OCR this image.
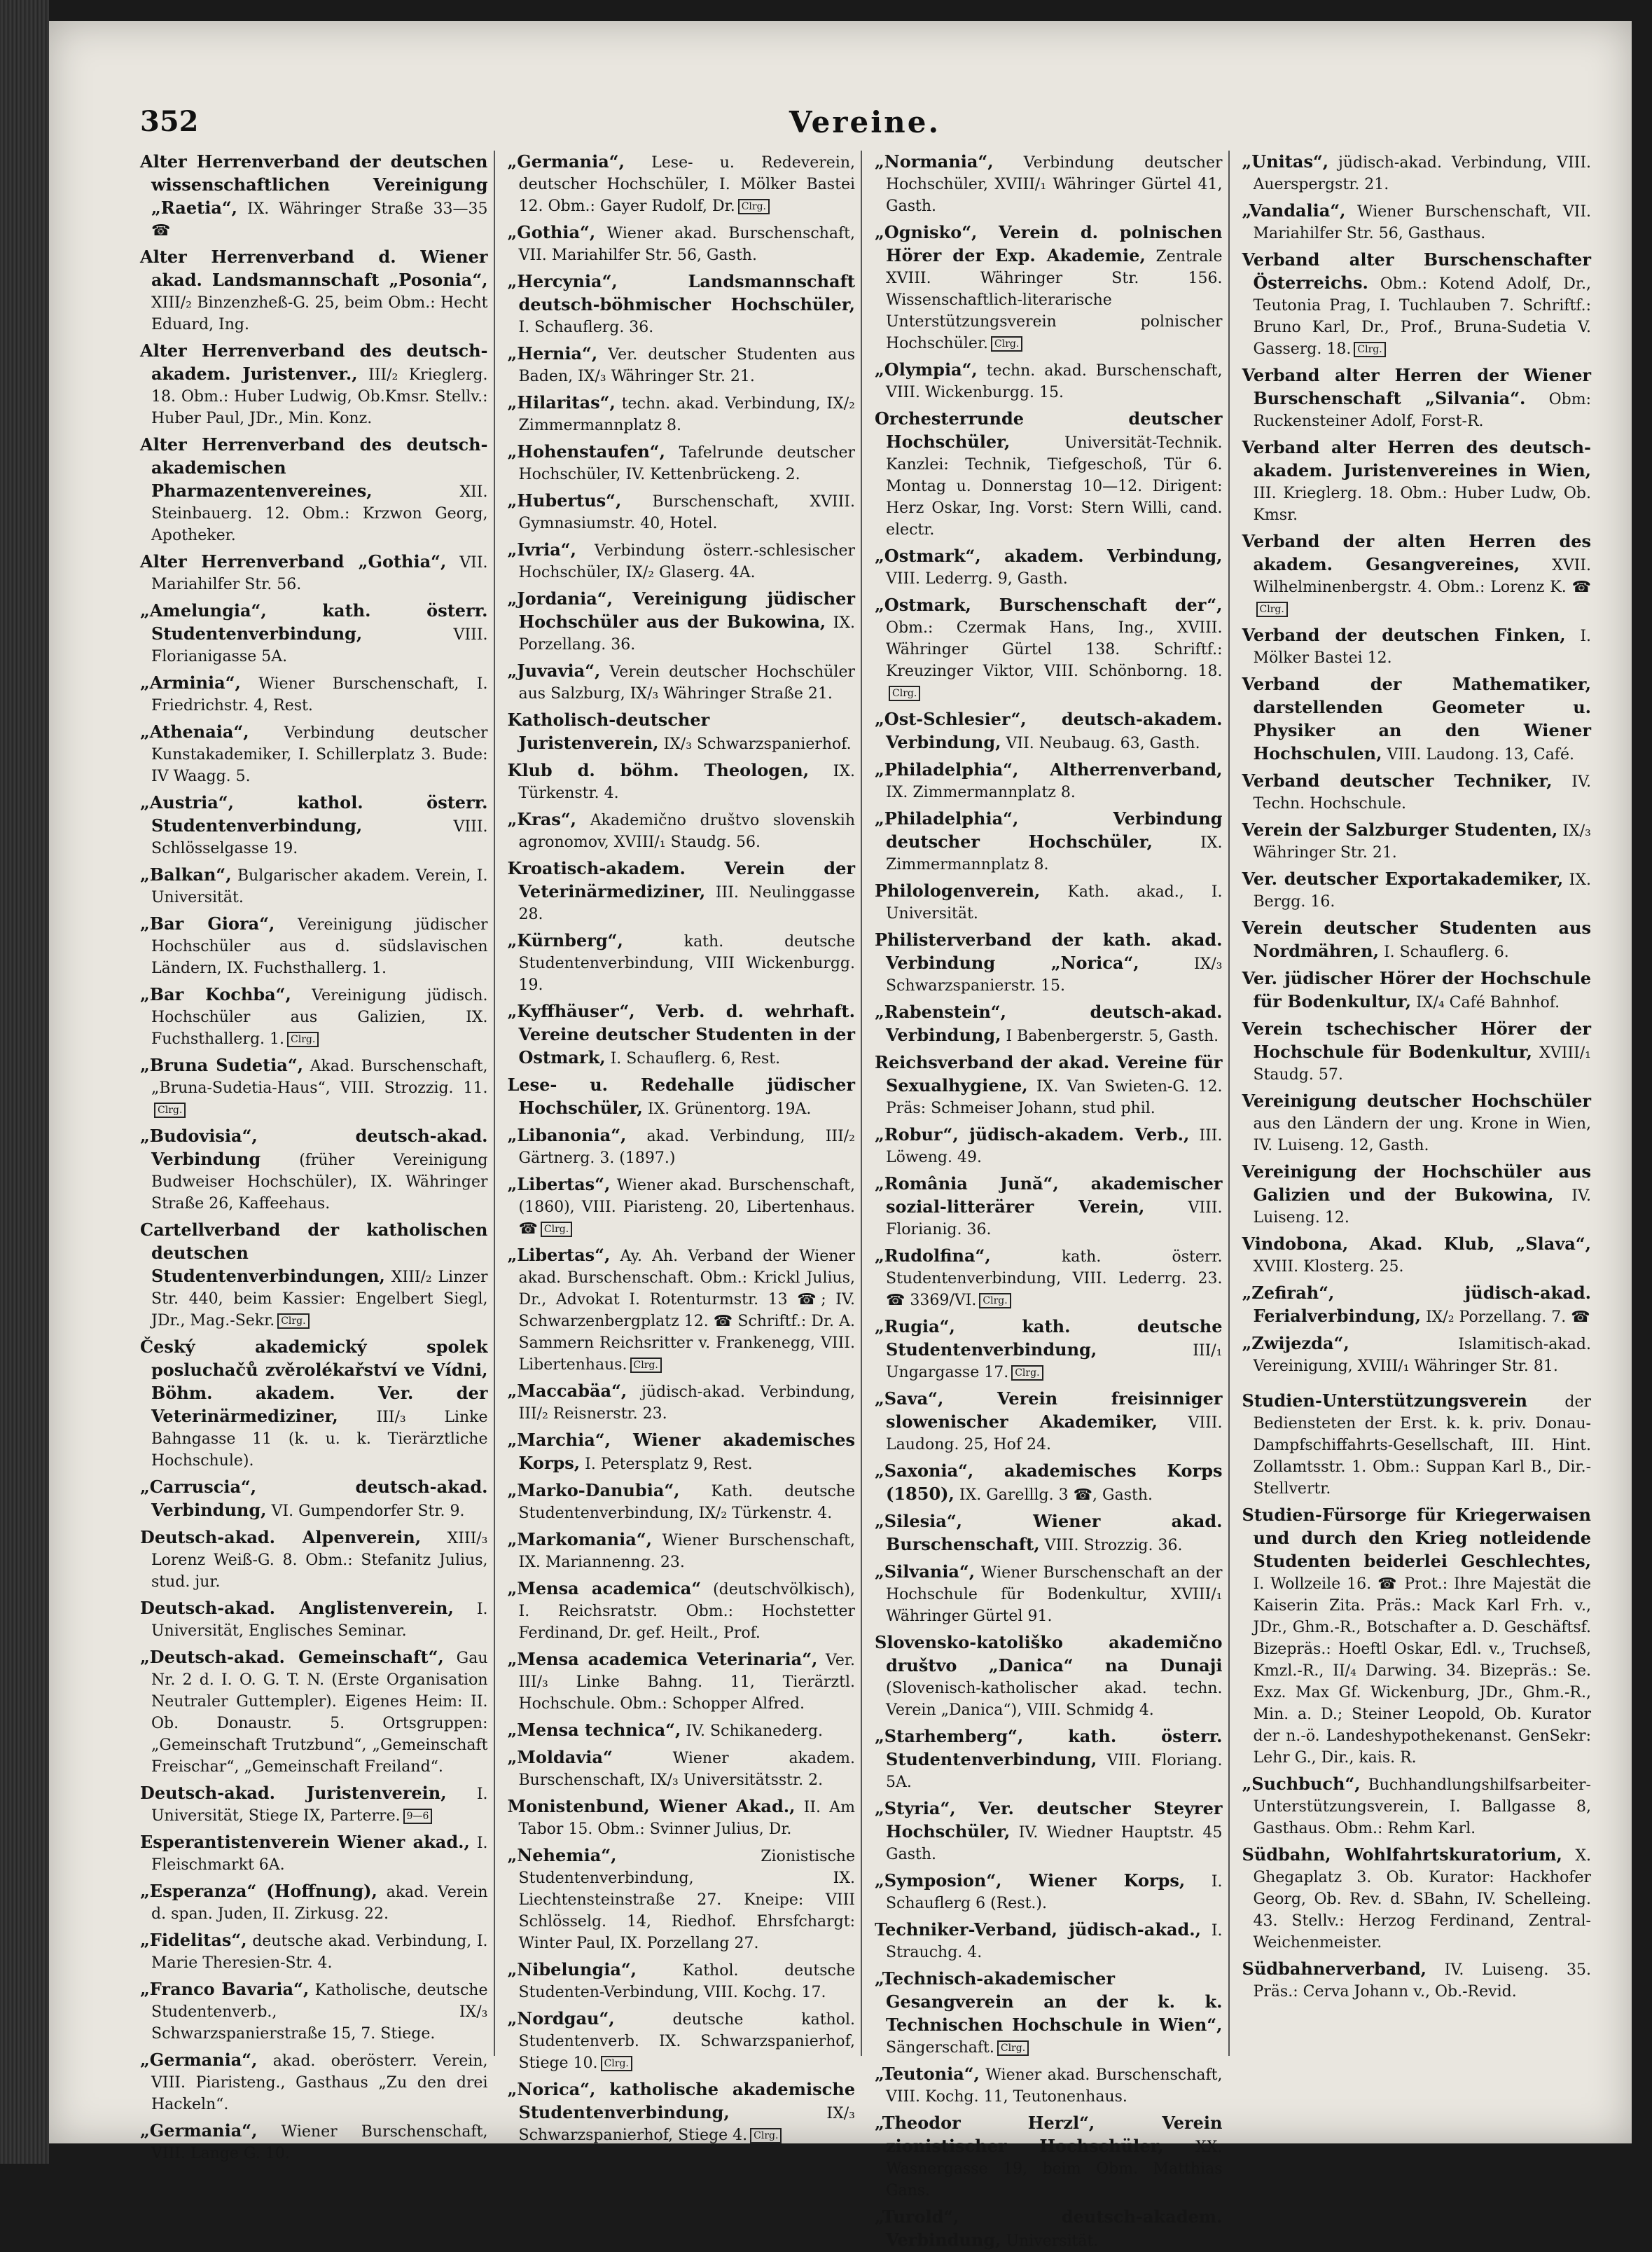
Vereine.
352

Alter Herrenverband der deutschen wissenschaftlichen Vereinigung „Raetia“, IX. Währinger Straße 33—35 ☎

Alter Herrenverband d. Wiener akad. Landsmannschaft „Posonia“, XIII/₂ Binzenzheß-G. 25, beim Obm.: Hecht Eduard, Ing.

Alter Herrenverband des deutsch-akadem. Juristenver., III/₂ Krieglerg. 18. Obm.: Huber Ludwig, Ob.Kmsr. Stellv.: Huber Paul, JDr., Min. Konz.

Alter Herrenverband des deutsch-akademischen Pharmazentenvereines,	XII. Steinbauerg. 12. Obm.: Krzwon Georg, Apotheker.

Alter Herrenverband „Gothia“, VII. Mariahilfer Str. 56.

„Amelungia“, kath. österr. Studentenverbindung,	VIII. Florianigasse 5A.

„Arminia“, Wiener Burschenschaft, I. Friedrichstr. 4, Rest.

„Athenaia“, Verbindung deutscher Kunstakademiker, I. Schillerplatz 3. Bude: IV Waagg. 5.

„Austria“, kathol. österr. Studentenverbindung,	VIII. Schlösselgasse 19.

„Balkan“, Bulgarischer akadem. Verein, I. Universität.

„Bar Giora“, Vereinigung jüdischer Hochschüler aus d. südslavischen Ländern, IX. Fuchsthallerg. 1.

„Bar Kochba“, Vereinigung jüdisch. Hochschüler aus Galizien, IX. Fuchsthallerg. 1. Clrg.

„Bruna Sudetia“, Akad. Burschenschaft, „Bruna-Sudetia-Haus“, VIII. Strozzig. 11.Clrg.

„Budovisia“, deutsch-akad. Verbindung	(früher Vereinigung Budweiser Hochschüler), IX. Währinger Straße 26, Kaffeehaus.

Cartellverband der katholischen deutschen Studentenverbindungen, XIII/₂ Linzer Str. 440, beim Kassier: Engelbert Siegl, JDr., Mag.-Sekr. Clrg.

Český akademický spolek posluchačů zvěrolékařství ve Vídni, Böhm. akadem. Ver. der Veterinärmediziner, III/₃ Linke Bahngasse 11 (k. u. k. Tierärztliche Hochschule).

„Carruscia“, deutsch-akad. Verbindung, VI. Gumpendorfer Str. 9.

Deutsch-akad. Alpenverein, XIII/₃ Lorenz Weiß-G. 8. Obm.: Stefanitz Julius, stud. jur.

Deutsch-akad. Anglistenverein, I. Universität, Englisches Seminar.

„Deutsch-akad. Gemeinschaft“, Gau Nr. 2 d. I. O. G. T. N. (Erste Organisation Neutraler Guttempler). Eigenes Heim: II. Ob. Donaustr. 5. Ortsgruppen: „Gemeinschaft Trutzbund“, „Gemeinschaft Freischar“, „Gemeinschaft Freiland“.

Deutsch-akad. Juristenverein, I. Universität, Stiege IX, Parterre. 9—6

Esperantistenverein Wiener akad., I. Fleischmarkt 6A.

„Esperanza“ (Hoffnung), akad. Verein d. span. Juden, II. Zirkusg. 22.

„Fidelitas“, deutsche akad. Verbindung, I. Marie Theresien-Str. 4.

„Franco Bavaria“, Katholische, deutsche Studentenverb., IX/₃ Schwarzspanierstraße 15, 7. Stiege.

„Germania“, akad. oberösterr. Verein, VIII. Piaristeng., Gasthaus „Zu den drei Hackeln“.

„Germania“, Wiener Burschenschaft, VIII. Lange G. 10.

„Germania“, Lese- u. Redeverein, deutscher Hochschüler, I. Mölker Bastei 12. Obm.: Gayer Rudolf, Dr. Clrg.

„Gothia“, Wiener akad. Burschenschaft, VII. Mariahilfer Str. 56, Gasth.

„Hercynia“, Landsmannschaft deutsch-böhmischer Hochschüler, I. Schauflerg. 36.

„Hernia“, Ver. deutscher Studenten aus Baden, IX/₃ Währinger Str. 21.

„Hilaritas“, techn. akad. Verbindung, IX/₂ Zimmermannplatz 8.

„Hohenstaufen“, Tafelrunde deutscher Hochschüler, IV. Kettenbrückeng. 2.

„Hubertus“, Burschenschaft, XVIII. Gymnasiumstr. 40, Hotel.

„Ivria“, Verbindung österr.-schlesischer Hochschüler, IX/₂ Glaserg. 4A.

„Jordania“, Vereinigung jüdischer Hochschüler aus der Bukowina, IX. Porzellang. 36.

„Juvavia“, Verein deutscher Hochschüler aus Salzburg, IX/₃ Währinger Straße 21.

Katholisch-deutscher Juristenverein, IX/₃ Schwarzspanierhof.

Klub d. böhm. Theologen, IX. Türkenstr. 4.

„Kras“, Akademično društvo slovenskih agronomov, XVIII/₁ Staudg. 56.

Kroatisch-akadem. Verein der Veterinärmediziner, III. Neulinggasse 28.

„Kürnberg“,	kath. deutsche Studentenverbindung, VIII Wickenburgg. 19.

„Kyffhäuser“, Verb. d. wehrhaft. Vereine deutscher Studenten in der Ostmark, I. Schauflerg. 6, Rest.

Lese- u. Redehalle jüdischer Hochschüler, IX. Grünentorg. 19A.

„Libanonia“, akad. Verbindung, III/₂ Gärtnerg. 3. (1897.)

„Libertas“, Wiener akad. Burschenschaft, (1860), VIII. Piaristeng. 20, Libertenhaus. ☎ Clrg.

„Libertas“, Ay. Ah. Verband der Wiener akad. Burschenschaft. Obm.: Krickl Julius, Dr., Advokat I. Rotenturmstr. 13 ☎; IV. Schwarzenbergplatz 12. ☎ Schriftf.: Dr. A. Sammern Reichsritter v. Frankenegg, VIII. Libertenhaus. Clrg.

„Maccabäa“, jüdisch-akad. Verbindung, III/₂ Reisnerstr. 23.

„Marchia“, Wiener akademisches Korps, I. Petersplatz 9, Rest.

„Marko-Danubia“, Kath. deutsche Studentenverbindung, IX/₂ Türkenstr. 4.

„Markomania“, Wiener Burschenschaft, IX. Mariannenng. 23.

„Mensa academica“ (deutschvölkisch), I. Reichsratstr. Obm.: Hochstetter Ferdinand, Dr. gef. Heilt., Prof.

„Mensa academica Veterinaria“, Ver. III/₃ Linke Bahng. 11, Tierärztl. Hochschule. Obm.: Schopper Alfred.

„Mensa technica“, IV. Schikanederg.

„Moldavia“	Wiener akadem. Burschenschaft, IX/₃ Universitätsstr. 2.

Monistenbund, Wiener Akad., II. Am Tabor 15. Obm.: Svinner Julius, Dr.

„Nehemia“,	Zionistische Studentenverbindung, IX. Liechtensteinstraße 27. Kneipe: VIII Schlösselg. 14, Riedhof. Ehrsfchargt: Winter Paul, IX. Porzellang 27.

„Nibelungia“,	Kathol. deutsche Studenten-Verbindung, VIII. Kochg. 17.

„Nordgau“,	deutsche kathol. Studentenverb. IX. Schwarzspanierhof, Stiege 10. Clrg.

„Norica“, katholische akademische Studentenverbindung,	IX/₃ Schwarzspanierhof, Stiege 4. Clrg.

„Normania“, Verbindung deutscher Hochschüler, XVIII/₁ Währinger Gürtel 41, Gasth.

„Ognisko“, Verein d. polnischen Hörer der Exp. Akademie, Zentrale XVIII. Währinger Str. 156. Wissenschaftlich-literarische Unterstützungsverein polnischer Hochschüler. Clrg.

„Olympia“, techn. akad. Burschenschaft, VIII. Wickenburgg. 15.

Orchesterrunde deutscher Hochschüler,	Universität-Technik. Kanzlei: Technik, Tiefgeschoß, Tür 6. Montag u. Donnerstag 10—12. Dirigent: Herz Oskar, Ing. Vorst: Stern Willi, cand. electr.

„Ostmark“, akadem. Verbindung, VIII. Lederrg. 9, Gasth.

„Ostmark, Burschenschaft der“, Obm.: Czermak Hans, Ing., XVIII. Währinger Gürtel 138. Schriftf.: Kreuzinger Viktor, VIII. Schönborng. 18.Clrg.

„Ost-Schlesier“, deutsch-akadem. Verbindung, VII. Neubaug. 63, Gasth.

„Philadelphia“, Altherrenverband, IX. Zimmermannplatz 8.

„Philadelphia“, Verbindung deutscher Hochschüler,	IX. Zimmermannplatz 8.

Philologenverein, Kath. akad., I. Universität.

Philisterverband der kath. akad. Verbindung „Norica“,	IX/₃ Schwarzspanierstr. 15.

„Rabenstein“, deutsch-akad. Verbindung, I Babenbergerstr. 5, Gasth.

Reichsverband der akad. Vereine für Sexualhygiene, IX. Van Swieten-G. 12. Präs: Schmeiser Johann, stud phil.

„Robur“, jüdisch-akadem. Verb., III. Löweng. 49.

„România Jună“, akademischer sozial-litterärer Verein,	VIII. Florianig. 36.

„Rudolfina“,	kath. österr. Studentenverbindung, VIII. Lederrg. 23. ☎ 3369/VI. Clrg.

„Rugia“, kath. deutsche Studentenverbindung,	III/₁ Ungargasse 17. Clrg.

„Sava“, Verein freisinniger slowenischer Akademiker, VIII. Laudong. 25, Hof 24.

„Saxonia“, akademisches Korps (1850), IX. Garelllg. 3 ☎, Gasth.

„Silesia“, Wiener akad. Burschenschaft, VIII. Strozzig. 36.

„Silvania“, Wiener Burschenschaft an der Hochschule für Bodenkultur, XVIII/₁ Währinger Gürtel 91.

Slovensko-katoliško akademično društvo „Danica“ na Dunaji (Slovenisch-katholischer akad. techn. Verein „Danica“), VIII. Schmidg 4.

„Starhemberg“, kath. österr. Studentenverbindung, VIII. Floriang. 5A.

„Styria“, Ver. deutscher Steyrer Hochschüler, IV. Wiedner Hauptstr. 45 Gasth.

„Symposion“, Wiener Korps, I. Schauflerg 6 (Rest.).

Techniker-Verband, jüdisch-akad., I. Strauchg. 4.

„Technisch-akademischer Gesangverein an der k. k. Technischen Hochschule in Wien“, Sängerschaft. Clrg.

„Teutonia“, Wiener akad. Burschenschaft, VIII. Kochg. 11, Teutonenhaus.

„Theodor Herzl“, Verein zionistischer Hochschüler, XX. Wasnergasse 19, beim Obm. Matthias Gans.

„Turold“, deutsch-akadem. Verbindung, Universität.

„Unitas“, jüdisch-akad. Verbindung, VIII. Auerspergstr. 21.

„Vandalia“, Wiener Burschenschaft, VII. Mariahilfer Str. 56, Gasthaus.

Verband alter Burschenschafter Österreichs. Obm.: Kotend Adolf, Dr., Teutonia Prag, I. Tuchlauben 7. Schriftf.: Bruno Karl, Dr., Prof., Bruna-Sudetia V. Gasserg. 18. Clrg.

Verband alter Herren der Wiener Burschenschaft „Silvania“. Obm: Ruckensteiner Adolf, Forst-R.

Verband alter Herren des deutsch-akadem. Juristenvereines in Wien, III. Krieglerg. 18. Obm.: Huber Ludw, Ob. Kmsr.

Verband der alten Herren des akadem. Gesangvereines, XVII. Wilhelminenbergstr. 4. Obm.: Lorenz K. ☎Clrg.

Verband der deutschen Finken, I. Mölker Bastei 12.

Verband der Mathematiker, darstellenden Geometer u. Physiker an den Wiener Hochschulen, VIII. Laudong. 13, Café.

Verband deutscher Techniker, IV. Techn. Hochschule.

Verein der Salzburger Studenten, IX/₃ Währinger Str. 21.

Ver. deutscher Exportakademiker, IX. Bergg. 16.

Verein deutscher Studenten aus Nordmähren, I. Schauflerg. 6.

Ver. jüdischer Hörer der Hochschule für Bodenkultur, IX/₄ Café Bahnhof.

Verein tschechischer Hörer der Hochschule für Bodenkultur, XVIII/₁ Staudg. 57.

Vereinigung deutscher Hochschüler aus den Ländern der ung. Krone in Wien, IV. Luiseng. 12, Gasth.

Vereinigung der Hochschüler aus Galizien und der Bukowina, IV. Luiseng. 12.

Vindobona, Akad. Klub, „Slava“, XVIII. Klosterg. 25.

„Zefirah“, jüdisch-akad. Ferialverbindung, IX/₂ Porzellang. 7. ☎

„Zwijezda“,	Islamitisch-akad. Vereinigung, XVIII/₁ Währinger Str. 81.

Studien-Unterstützungsverein der Bediensteten der Erst. k. k. priv. Donau-Dampfschiffahrts-Gesellschaft, III. Hint. Zollamtsstr. 1. Obm.: Suppan Karl B., Dir.-Stellvertr.

Studien-Fürsorge für Kriegerwaisen und durch den Krieg notleidende Studenten beiderlei Geschlechtes, I. Wollzeile 16. ☎ Prot.: Ihre Majestät die Kaiserin Zita. Präs.: Mack Karl Frh. v., JDr., Ghm.-R., Botschafter a. D. Geschäftsf. Bizepräs.: Hoeftl Oskar, Edl. v., Truchseß, Kmzl.-R., II/₄ Darwing. 34. Bizepräs.: Se. Exz. Max Gf. Wickenburg, JDr., Ghm.-R., Min. a. D.; Steiner Leopold, Ob. Kurator der n.-ö. Landeshypothekenanst. GenSekr: Lehr G., Dir., kais. R.

„Suchbuch“, Buchhandlungshilfsarbeiter-Unterstützungsverein, I. Ballgasse 8, Gasthaus. Obm.: Rehm Karl.

Südbahn, Wohlfahrtskuratorium, X. Ghegaplatz 3. Ob. Kurator: Hackhofer Georg, Ob. Rev. d. SBahn, IV. Schelleing. 43. Stellv.: Herzog Ferdinand, Zentral-Weichenmeister.

Südbahnerverband, IV. Luiseng. 35. Präs.: Cerva Johann v., Ob.-Revid.
